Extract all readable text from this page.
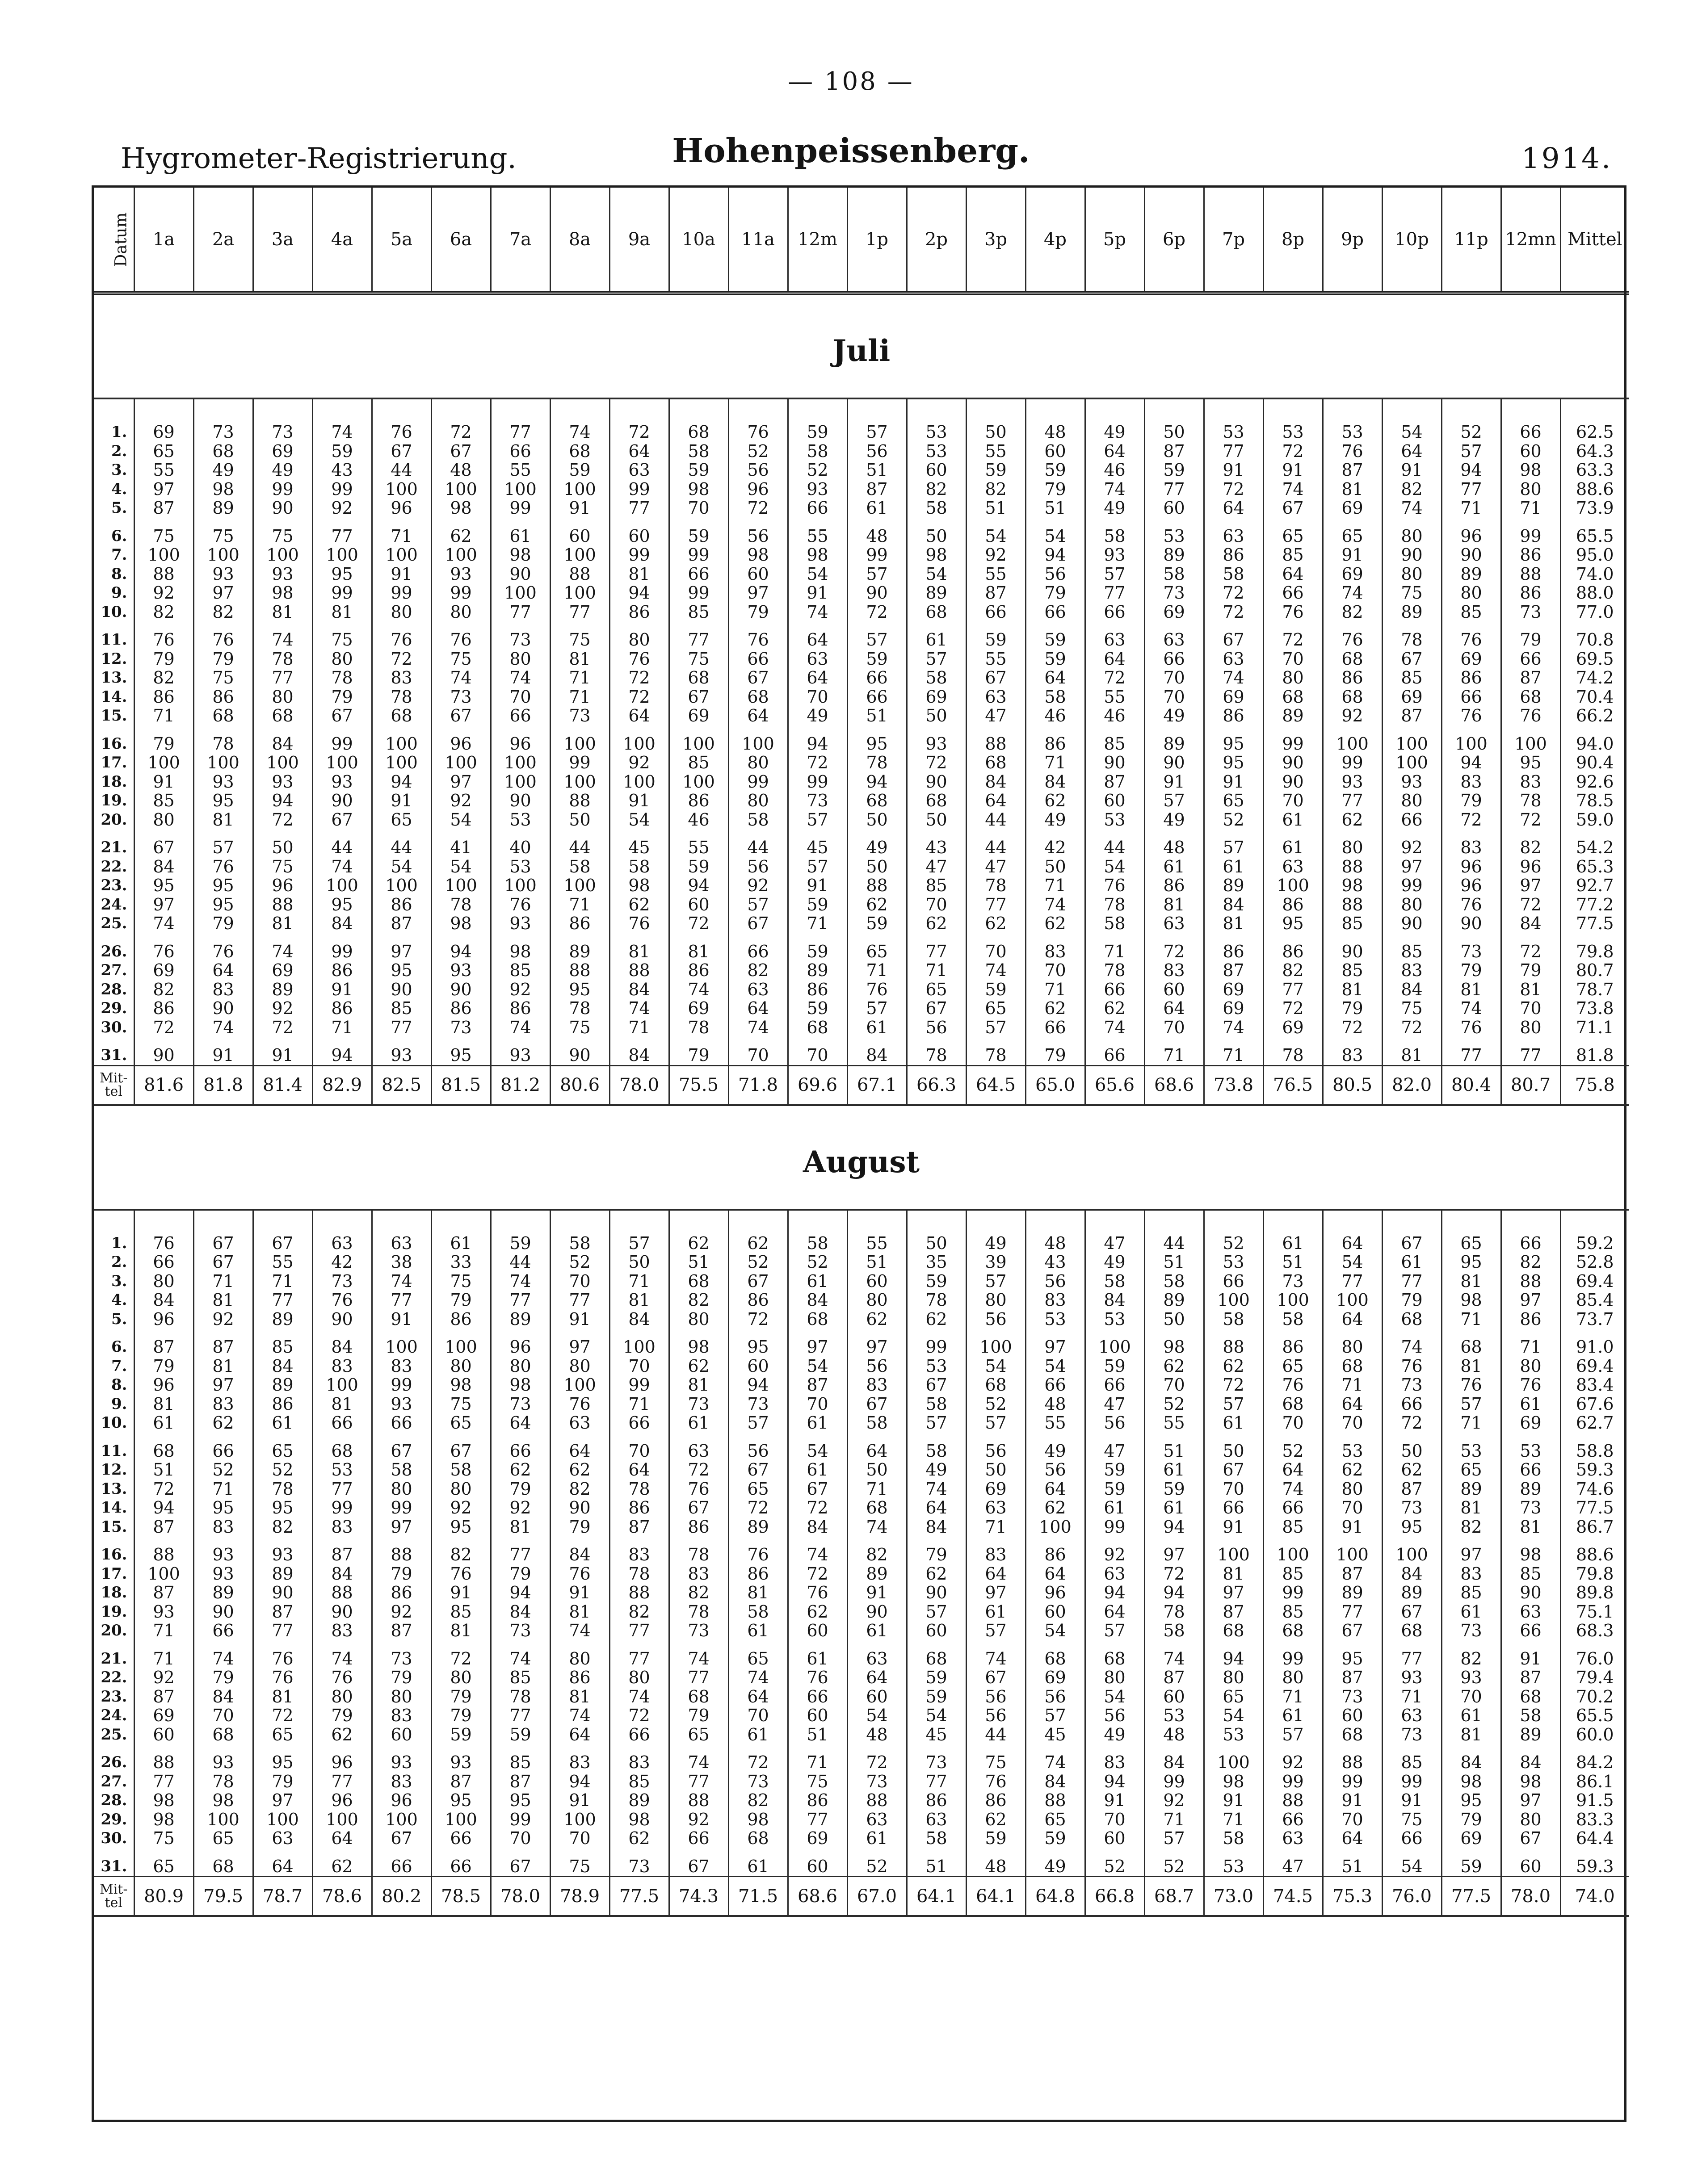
— 108 —
Hygrometer-Registrierung.	Hohenpeissenberg.	1914.
Datum	1a	2a	3a	4a	5a	6a	7a	8a	9a	10a	11a	12m	1p	2p	3p	4p	5p	6p	7p	8p	9p	10p	11p	12mn	Mittel
Juli																									

1.	69	73	73	74	76	72	77	74	72	68	76	59	57	53	50	48	49	50	53	53	53	54	52	66	62.5
2.	65	68	69	59	67	67	66	68	64	58	52	58	56	53	55	60	64	87	77	72	76	64	57	60	64.3
3.	55	49	49	43	44	48	55	59	63	59	56	52	51	60	59	59	46	59	91	91	87	91	94	98	63.3
4.	97	98	99	99	100	100	100	100	99	98	96	93	87	82	82	79	74	77	72	74	81	82	77	80	88.6
5.	87	89	90	92	96	98	99	91	77	70	72	66	61	58	51	51	49	60	64	67	69	74	71	71	73.9
6.	75	75	75	77	71	62	61	60	60	59	56	55	48	50	54	54	58	53	63	65	65	80	96	99	65.5
7.	100	100	100	100	100	100	98	100	99	99	98	98	99	98	92	94	93	89	86	85	91	90	90	86	95.0
8.	88	93	93	95	91	93	90	88	81	66	60	54	57	54	55	56	57	58	58	64	69	80	89	88	74.0
9.	92	97	98	99	99	99	100	100	94	99	97	91	90	89	87	79	77	73	72	66	74	75	80	86	88.0
10.	82	82	81	81	80	80	77	77	86	85	79	74	72	68	66	66	66	69	72	76	82	89	85	73	77.0
11.	76	76	74	75	76	76	73	75	80	77	76	64	57	61	59	59	63	63	67	72	76	78	76	79	70.8
12.	79	79	78	80	72	75	80	81	76	75	66	63	59	57	55	59	64	66	63	70	68	67	69	66	69.5
13.	82	75	77	78	83	74	74	71	72	68	67	64	66	58	67	64	72	70	74	80	86	85	86	87	74.2
14.	86	86	80	79	78	73	70	71	72	67	68	70	66	69	63	58	55	70	69	68	68	69	66	68	70.4
15.	71	68	68	67	68	67	66	73	64	69	64	49	51	50	47	46	46	49	86	89	92	87	76	76	66.2
16.	79	78	84	99	100	96	96	100	100	100	100	94	95	93	88	86	85	89	95	99	100	100	100	100	94.0
17.	100	100	100	100	100	100	100	99	92	85	80	72	78	72	68	71	90	90	95	90	99	100	94	95	90.4
18.	91	93	93	93	94	97	100	100	100	100	99	99	94	90	84	84	87	91	91	90	93	93	83	83	92.6
19.	85	95	94	90	91	92	90	88	91	86	80	73	68	68	64	62	60	57	65	70	77	80	79	78	78.5
20.	80	81	72	67	65	54	53	50	54	46	58	57	50	50	44	49	53	49	52	61	62	66	72	72	59.0
21.	67	57	50	44	44	41	40	44	45	55	44	45	49	43	44	42	44	48	57	61	80	92	83	82	54.2
22.	84	76	75	74	54	54	53	58	58	59	56	57	50	47	47	50	54	61	61	63	88	97	96	96	65.3
23.	95	95	96	100	100	100	100	100	98	94	92	91	88	85	78	71	76	86	89	100	98	99	96	97	92.7
24.	97	95	88	95	86	78	76	71	62	60	57	59	62	70	77	74	78	81	84	86	88	80	76	72	77.2
25.	74	79	81	84	87	98	93	86	76	72	67	71	59	62	62	62	58	63	81	95	85	90	90	84	77.5
26.	76	76	74	99	97	94	98	89	81	81	66	59	65	77	70	83	71	72	86	86	90	85	73	72	79.8
27.	69	64	69	86	95	93	85	88	88	86	82	89	71	71	74	70	78	83	87	82	85	83	79	79	80.7
28.	82	83	89	91	90	90	92	95	84	74	63	86	76	65	59	71	66	60	69	77	81	84	81	81	78.7
29.	86	90	92	86	85	86	86	78	74	69	64	59	57	67	65	62	62	64	69	72	79	75	74	70	73.8
30.	72	74	72	71	77	73	74	75	71	78	74	68	61	56	57	66	74	70	74	69	72	72	76	80	71.1
31.	90	91	91	94	93	95	93	90	84	79	70	70	84	78	78	79	66	71	71	78	83	81	77	77	81.8
Mit-tel	81.6	81.8	81.4	82.9	82.5	81.5	81.2	80.6	78.0	75.5	71.8	69.6	67.1	66.3	64.5	65.0	65.6	68.6	73.8	76.5	80.5	82.0	80.4	80.7	75.8
August																									

1.	76	67	67	63	63	61	59	58	57	62	62	58	55	50	49	48	47	44	52	61	64	67	65	66	59.2
2.	66	67	55	42	38	33	44	52	50	51	52	52	51	35	39	43	49	51	53	51	54	61	95	82	52.8
3.	80	71	71	73	74	75	74	70	71	68	67	61	60	59	57	56	58	58	66	73	77	77	81	88	69.4
4.	84	81	77	76	77	79	77	77	81	82	86	84	80	78	80	83	84	89	100	100	100	79	98	97	85.4
5.	96	92	89	90	91	86	89	91	84	80	72	68	62	62	56	53	53	50	58	58	64	68	71	86	73.7
6.	87	87	85	84	100	100	96	97	100	98	95	97	97	99	100	97	100	98	88	86	80	74	68	71	91.0
7.	79	81	84	83	83	80	80	80	70	62	60	54	56	53	54	54	59	62	62	65	68	76	81	80	69.4
8.	96	97	89	100	99	98	98	100	99	81	94	87	83	67	68	66	66	70	72	76	71	73	76	76	83.4
9.	81	83	86	81	93	75	73	76	71	73	73	70	67	58	52	48	47	52	57	68	64	66	57	61	67.6
10.	61	62	61	66	66	65	64	63	66	61	57	61	58	57	57	55	56	55	61	70	70	72	71	69	62.7
11.	68	66	65	68	67	67	66	64	70	63	56	54	64	58	56	49	47	51	50	52	53	50	53	53	58.8
12.	51	52	52	53	58	58	62	62	64	72	67	61	50	49	50	56	59	61	67	64	62	62	65	66	59.3
13.	72	71	78	77	80	80	79	82	78	76	65	67	71	74	69	64	59	59	70	74	80	87	89	89	74.6
14.	94	95	95	99	99	92	92	90	86	67	72	72	68	64	63	62	61	61	66	66	70	73	81	73	77.5
15.	87	83	82	83	97	95	81	79	87	86	89	84	74	84	71	100	99	94	91	85	91	95	82	81	86.7
16.	88	93	93	87	88	82	77	84	83	78	76	74	82	79	83	86	92	97	100	100	100	100	97	98	88.6
17.	100	93	89	84	79	76	79	76	78	83	86	72	89	62	64	64	63	72	81	85	87	84	83	85	79.8
18.	87	89	90	88	86	91	94	91	88	82	81	76	91	90	97	96	94	94	97	99	89	89	85	90	89.8
19.	93	90	87	90	92	85	84	81	82	78	58	62	90	57	61	60	64	78	87	85	77	67	61	63	75.1
20.	71	66	77	83	87	81	73	74	77	73	61	60	61	60	57	54	57	58	68	68	67	68	73	66	68.3
21.	71	74	76	74	73	72	74	80	77	74	65	61	63	68	74	68	68	74	94	99	95	77	82	91	76.0
22.	92	79	76	76	79	80	85	86	80	77	74	76	64	59	67	69	80	87	80	80	87	93	93	87	79.4
23.	87	84	81	80	80	79	78	81	74	68	64	66	60	59	56	56	54	60	65	71	73	71	70	68	70.2
24.	69	70	72	79	83	79	77	74	72	79	70	60	54	54	56	57	56	53	54	61	60	63	61	58	65.5
25.	60	68	65	62	60	59	59	64	66	65	61	51	48	45	44	45	49	48	53	57	68	73	81	89	60.0
26.	88	93	95	96	93	93	85	83	83	74	72	71	72	73	75	74	83	84	100	92	88	85	84	84	84.2
27.	77	78	79	77	83	87	87	94	85	77	73	75	73	77	76	84	94	99	98	99	99	99	98	98	86.1
28.	98	98	97	96	96	95	95	91	89	88	82	86	88	86	86	88	91	92	91	88	91	91	95	97	91.5
29.	98	100	100	100	100	100	99	100	98	92	98	77	63	63	62	65	70	71	71	66	70	75	79	80	83.3
30.	75	65	63	64	67	66	70	70	62	66	68	69	61	58	59	59	60	57	58	63	64	66	69	67	64.4
31.	65	68	64	62	66	66	67	75	73	67	61	60	52	51	48	49	52	52	53	47	51	54	59	60	59.3
Mit-tel	80.9	79.5	78.7	78.6	80.2	78.5	78.0	78.9	77.5	74.3	71.5	68.6	67.0	64.1	64.1	64.8	66.8	68.7	73.0	74.5	75.3	76.0	77.5	78.0	74.0
